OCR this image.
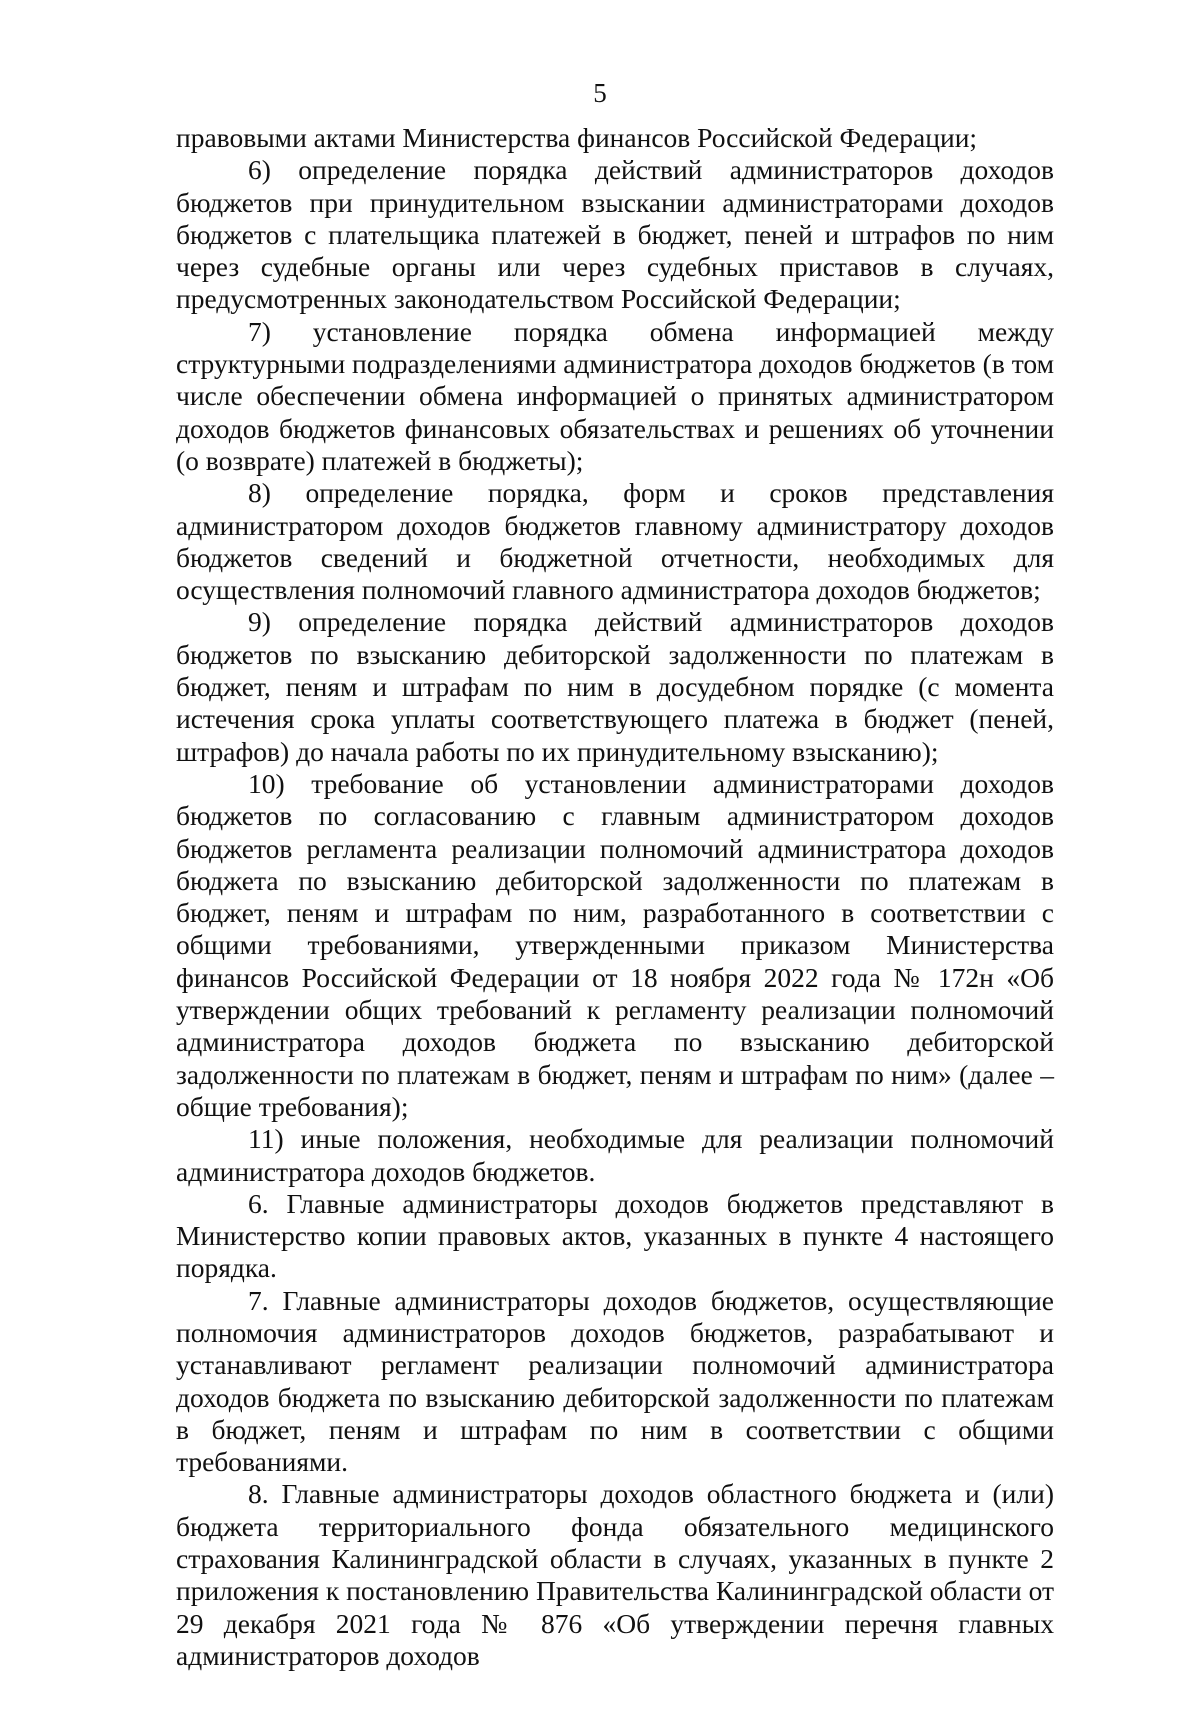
5

правовыми актами Министерства финансов Российской Федерации;

6) определение порядка действий администраторов доходов бюджетов при принудительном взыскании администраторами доходов бюджетов с плательщика платежей в бюджет, пеней и штрафов по ним через судебные органы или через судебных приставов в случаях, предусмотренных законодательством Российской Федерации;

7) установление порядка обмена информацией между структурными подразделениями администратора доходов бюджетов (в том числе обеспечении обмена информацией о принятых администратором доходов бюджетов финансовых обязательствах и решениях об уточнении (о возврате) платежей в бюджеты);

8) определение порядка, форм и сроков представления администратором доходов бюджетов главному администратору доходов бюджетов сведений и бюджетной отчетности, необходимых для осуществления полномочий главного администратора доходов бюджетов;

9) определение порядка действий администраторов доходов бюджетов по взысканию дебиторской задолженности по платежам в бюджет, пеням и штрафам по ним в досудебном порядке (с момента истечения срока уплаты соответствующего платежа в бюджет (пеней, штрафов) до начала работы по их принудительному взысканию);

10) требование об установлении администраторами доходов бюджетов по согласованию с главным администратором доходов бюджетов регламента реализации полномочий администратора доходов бюджета по взысканию дебиторской задолженности по платежам в бюджет, пеням и штрафам по ним, разработанного в соответствии с общими требованиями, утвержденными приказом Министерства финансов Российской Федерации от 18 ноября 2022 года № 172н «Об утверждении общих требований к регламенту реализации полномочий администратора доходов бюджета по взысканию дебиторской задолженности по платежам в бюджет, пеням и штрафам по ним» (далее – общие требования);

11) иные положения, необходимые для реализации полномочий администратора доходов бюджетов.

6. Главные администраторы доходов бюджетов представляют в Министерство копии правовых актов, указанных в пункте 4 настоящего порядка.

7. Главные администраторы доходов бюджетов, осуществляющие полномочия администраторов доходов бюджетов, разрабатывают и устанавливают регламент реализации полномочий администратора доходов бюджета по взысканию дебиторской задолженности по платежам в бюджет, пеням и штрафам по ним в соответствии с общими требованиями.

8. Главные администраторы доходов областного бюджета и (или) бюджета территориального фонда обязательного медицинского страхования Калининградской области в случаях, указанных в пункте 2 приложения к постановлению Правительства Калининградской области от 29 декабря 2021 года № 876 «Об утверждении перечня главных администраторов доходов
